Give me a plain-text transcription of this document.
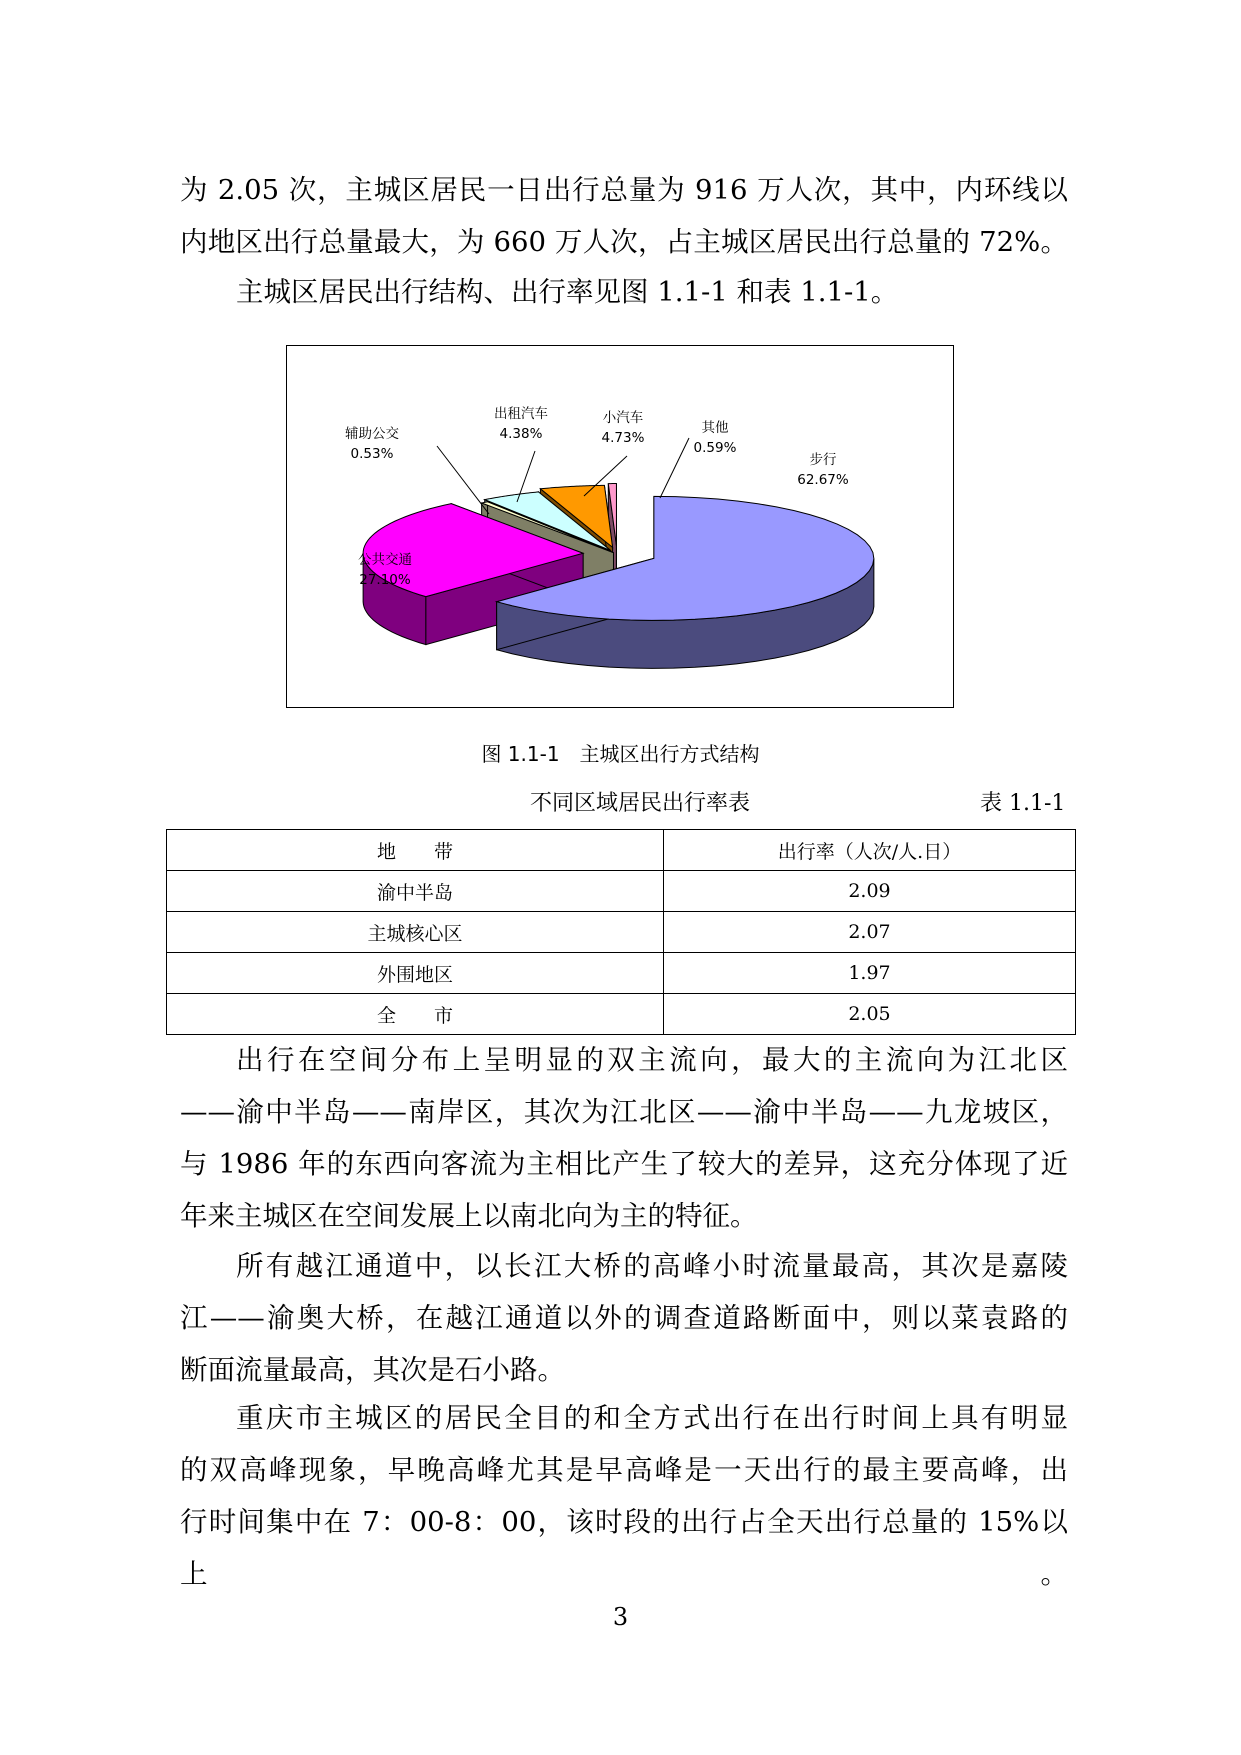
为 2.05 次，主城区居民一日出行总量为 916 万人次，其中，内环线以
内地区出行总量最大，为 660 万人次，占主城区居民出行总量的 72%。
主城区居民出行结构、出行率见图 1.1-1 和表 1.1-1。
步行
62.67%
公共交通
27.10%
辅助公交
0.53%
出租汽车
4.38%
小汽车
4.73%
其他
0.59%
图 1.1-1　主城区出行方式结构
不同区域居民出行率表	表 1.1-1
地　　带	出行率（人次/人.日）
渝中半岛	2.09
主城核心区	2.07
外围地区	1.97
全　　市	2.05
出行在空间分布上呈明显的双主流向，最大的主流向为江北区
——渝中半岛——南岸区，其次为江北区——渝中半岛——九龙坡区，
与 1986 年的东西向客流为主相比产生了较大的差异，这充分体现了近
年来主城区在空间发展上以南北向为主的特征。
所有越江通道中，以长江大桥的高峰小时流量最高，其次是嘉陵
江——渝奥大桥，在越江通道以外的调查道路断面中，则以菜袁路的
断面流量最高，其次是石小路。
重庆市主城区的居民全目的和全方式出行在出行时间上具有明显
的双高峰现象，早晚高峰尤其是早高峰是一天出行的最主要高峰，出
行时间集中在 7：00-8：00，该时段的出行占全天出行总量的 15%以上。
3
